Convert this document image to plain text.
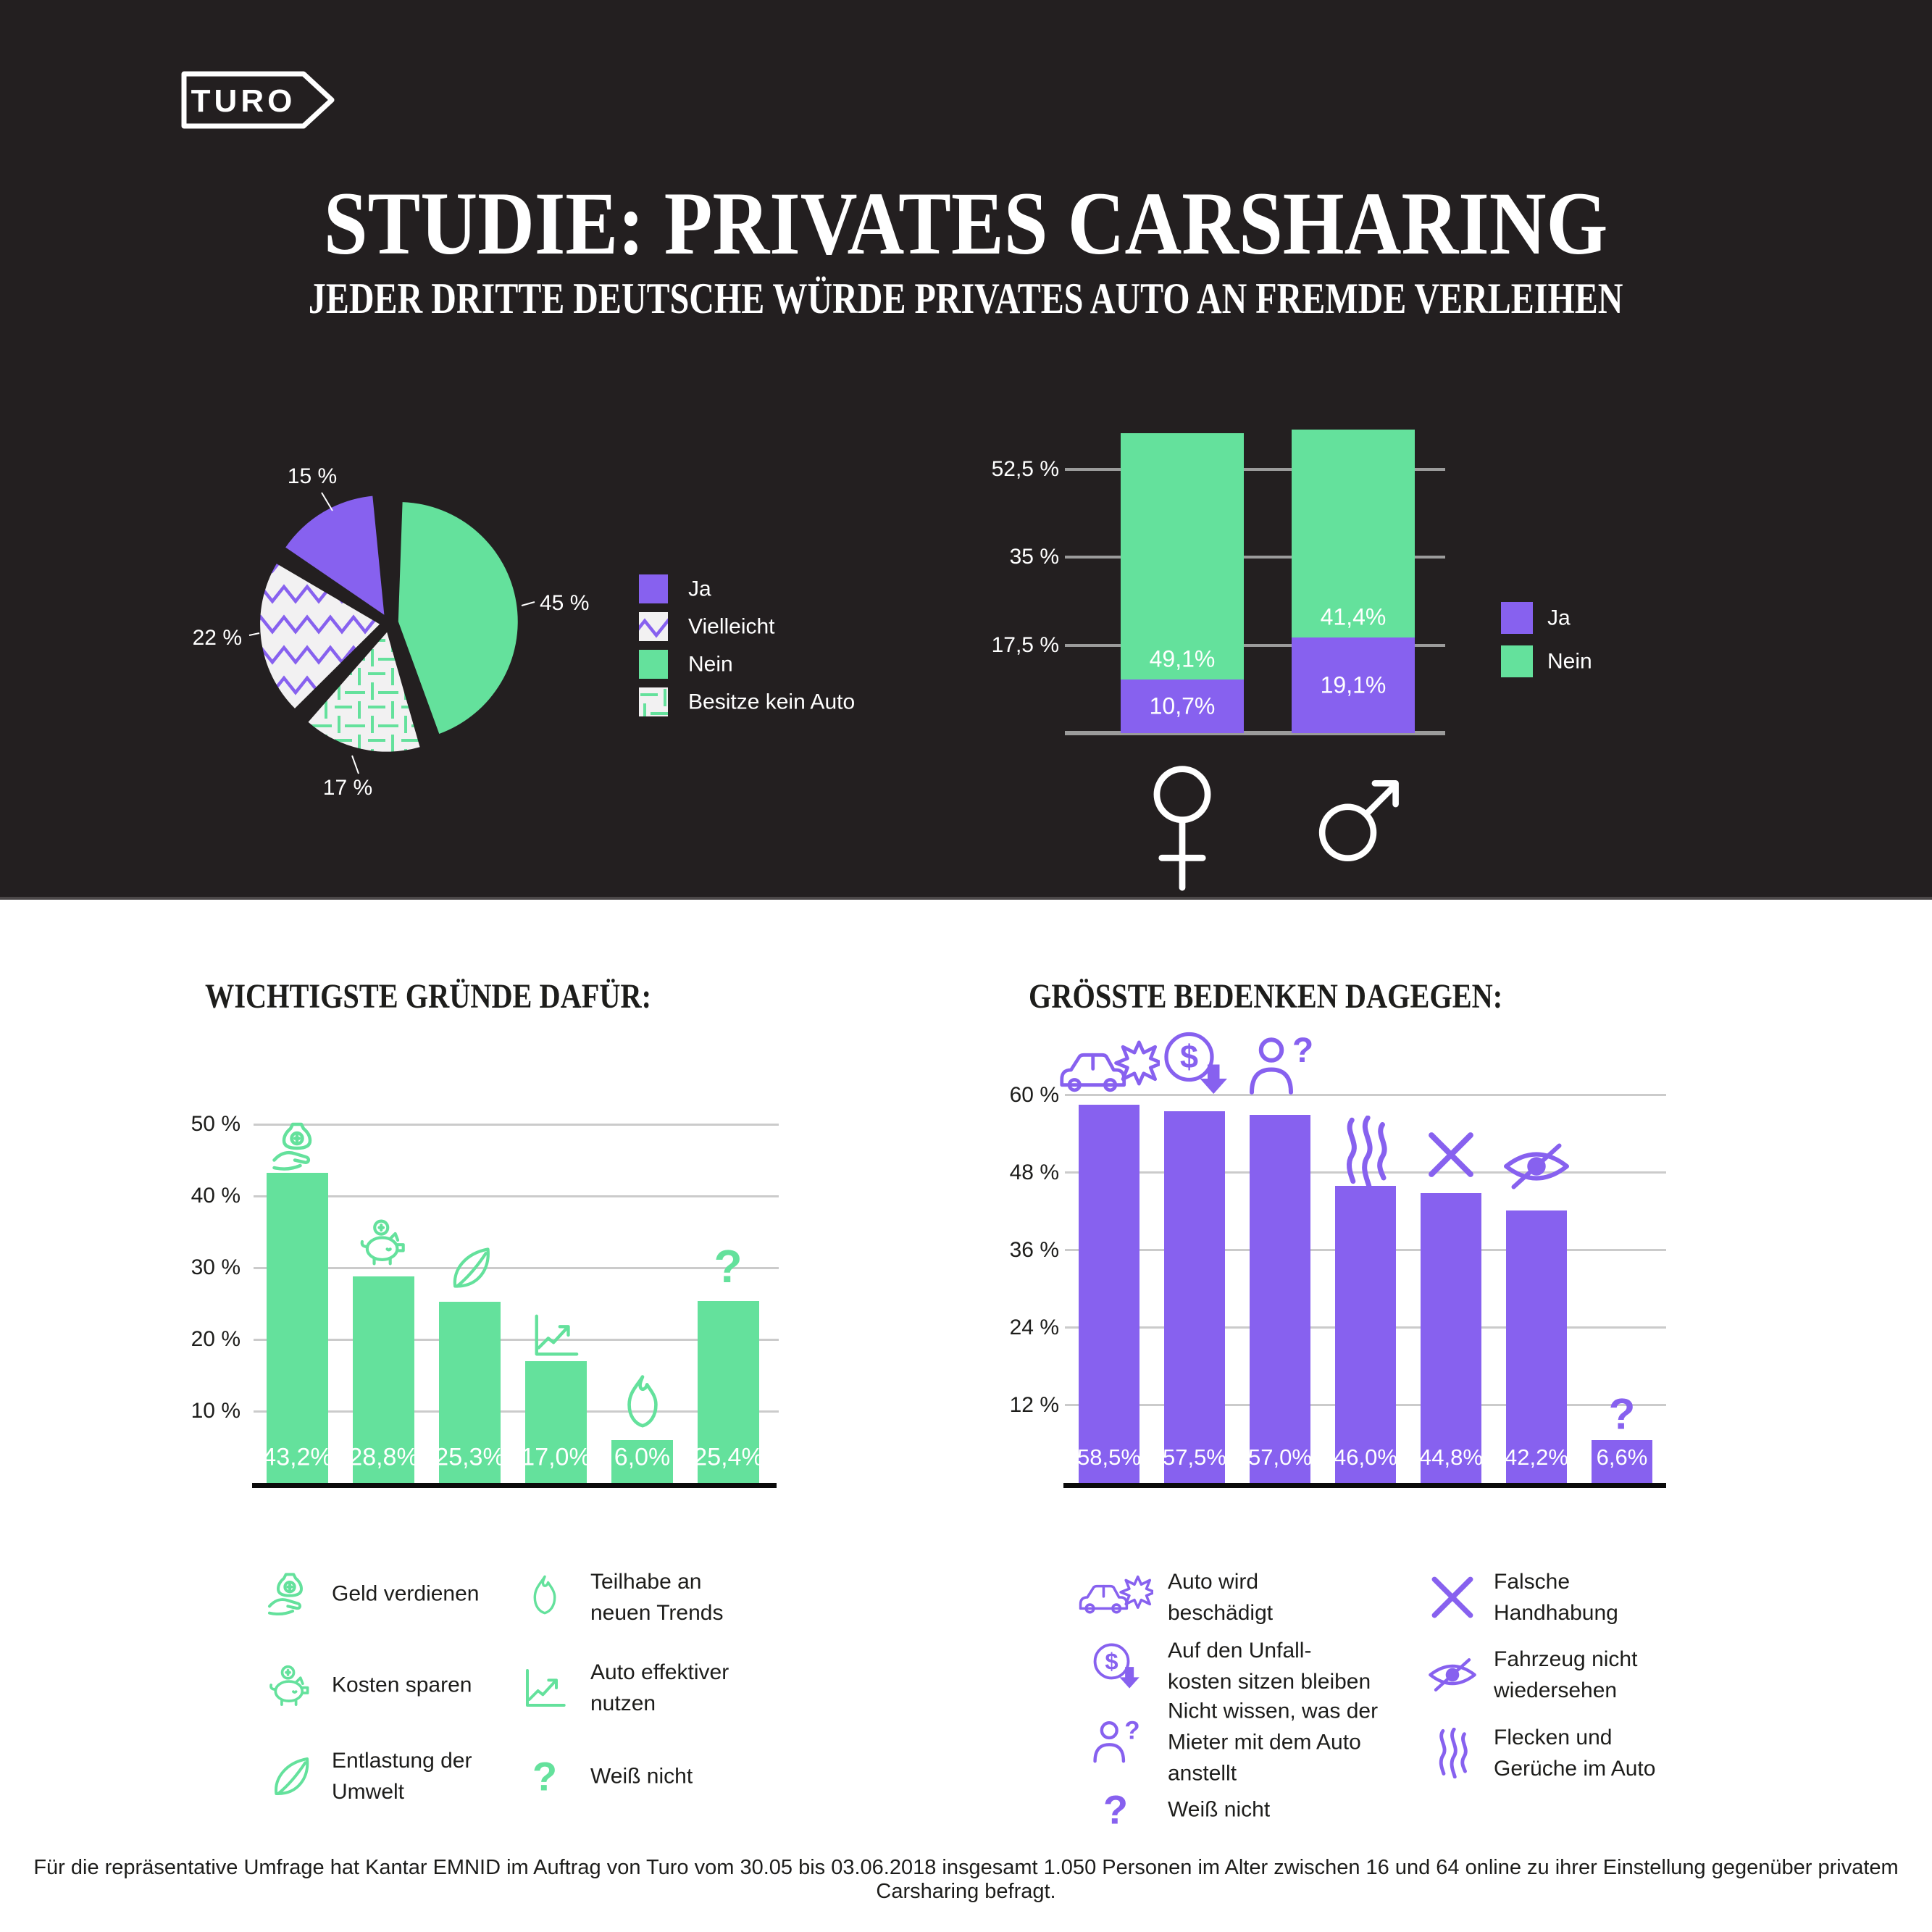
TURO
STUDIE: PRIVATES CARSHARING
JEDER DRITTE DEUTSCHE WÜRDE PRIVATES AUTO AN FREMDE VERLEIHEN
45 %
17 %
22 %
15 %
Ja
Vielleicht
Nein
Besitze kein Auto
52,5 %
35 %
17,5 %
10,7%
49,1%
19,1%
41,4%	Ja
Nein
WICHTIGSTE GRÜNDE DAFÜR:
50 %
40 %
30 %
20 %
10 %
43,2% 28,8% 25,3% 17,0% 6,0% 25,4%
?
Geld verdienen
Kosten sparen
Entlastung der
Umwelt
Teilhabe an
neuen Trends
Auto effektiver
nutzen
? Weiß nicht
GRÖSSTE BEDENKEN DAGEGEN:
60 %
48 %
36 %
24 %
12 %
58,5% 57,5% 57,0% 46,0% 44,8% 42,2% 6,6%
?
Auto wird
beschädigt
Auf den Unfall-
kosten sitzen bleiben
Nicht wissen, was der
Mieter mit dem Auto
anstellt
? Weiß nicht
Falsche
Handhabung
Fahrzeug nicht
wiedersehen
Flecken und
Gerüche im Auto
Für die repräsentative Umfrage hat Kantar EMNID im Auftrag von Turo vom 30.05 bis 03.06.2018 insgesamt 1.050 Personen im Alter zwischen 16 und 64 online zu ihrer Einstellung gegenüber privatem Carsharing befragt.
